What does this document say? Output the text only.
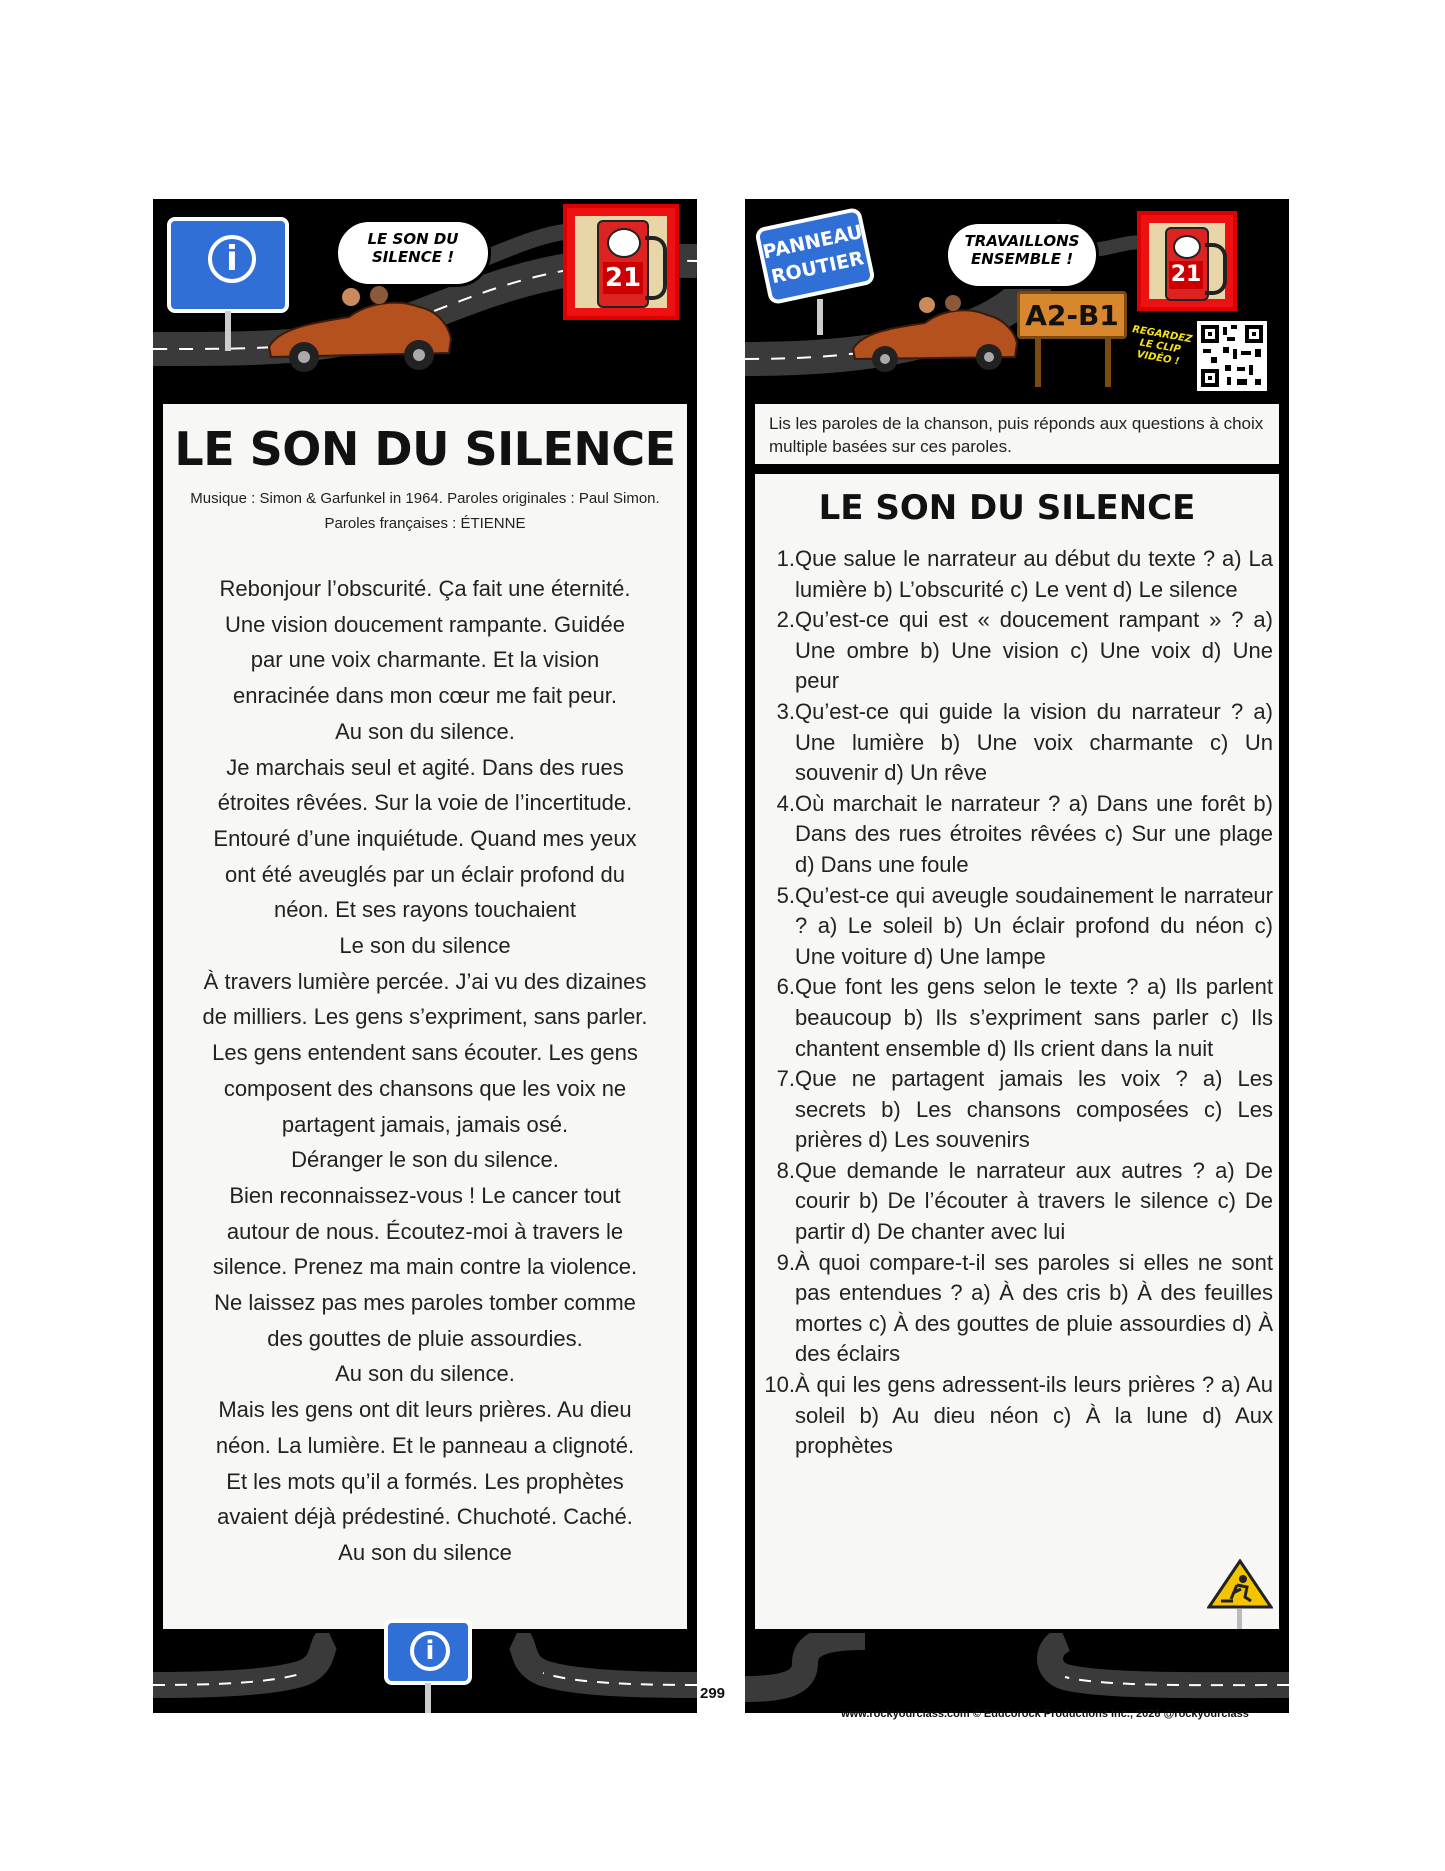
i	LE SON DU SILENCE !
21
LE SON DU SILENCE
Musique : Simon & Garfunkel in 1964. Paroles originales : Paul Simon. Paroles françaises : ÉTIENNE
Rebonjour l’obscurité. Ça fait une éternité.
Une vision doucement rampante. Guidée
par une voix charmante. Et la vision
enracinée dans mon cœur me fait peur.
Au son du silence.
Je marchais seul et agité. Dans des rues
étroites rêvées. Sur la voie de l’incertitude.
Entouré d’une inquiétude. Quand mes yeux
ont été aveuglés par un éclair profond du
néon. Et ses rayons touchaient
Le son du silence
À travers lumière percée. J’ai vu des dizaines
de milliers. Les gens s’expriment, sans parler.
Les gens entendent sans écouter. Les gens
composent des chansons que les voix ne
partagent jamais, jamais osé.
Déranger le son du silence.
Bien reconnaissez-vous ! Le cancer tout
autour de nous. Écoutez-moi à travers le
silence. Prenez ma main contre la violence.
Ne laissez pas mes paroles tomber comme
des gouttes de pluie assourdies.
Au son du silence.
Mais les gens ont dit leurs prières. Au dieu
néon. La lumière. Et le panneau a clignoté.
Et les mots qu’il a formés. Les prophètes
avaient déjà prédestiné. Chuchoté. Caché.
Au son du silence
i
PANNEAU ROUTIER
TRAVAILLONS ENSEMBLE !
21
A2-B1
REGARDEZ LE CLIP VIDÉO !
Lis les paroles de la chanson, puis réponds aux questions à choix multiple basées sur ces paroles.
LE SON DU SILENCE
1. Que salue le narrateur au début du texte ? a) La lumière b) L’obscurité c) Le vent d) Le silence
2. Qu’est-ce qui est « doucement rampant » ? a) Une ombre b) Une vision c) Une voix d) Une peur
3. Qu’est-ce qui guide la vision du narrateur ? a) Une lumière b) Une voix charmante c) Un souvenir d) Un rêve
4. Où marchait le narrateur ? a) Dans une forêt b) Dans des rues étroites rêvées c) Sur une plage d) Dans une foule
5. Qu’est-ce qui aveugle soudainement le narrateur ? a) Le soleil b) Un éclair profond du néon c) Une voiture d) Une lampe
6. Que font les gens selon le texte ? a) Ils parlent beaucoup b) Ils s’expriment sans parler c) Ils chantent ensemble d) Ils crient dans la nuit
7. Que ne partagent jamais les voix ? a) Les secrets b) Les chansons composées c) Les prières d) Les souvenirs
8. Que demande le narrateur aux autres ? a) De courir b) De l’écouter à travers le silence c) De partir d) De chanter avec lui
9. À quoi compare-t-il ses paroles si elles ne sont pas entendues ? a) À des cris b) À des feuilles mortes c) À des gouttes de pluie assourdies d) À des éclairs
10. À qui les gens adressent-ils leurs prières ? a) Au soleil b) Au dieu néon c) À la lune d) Aux prophètes
299
www.rockyourclass.com © Educorock Productions Inc., 2026 @rockyourclass
